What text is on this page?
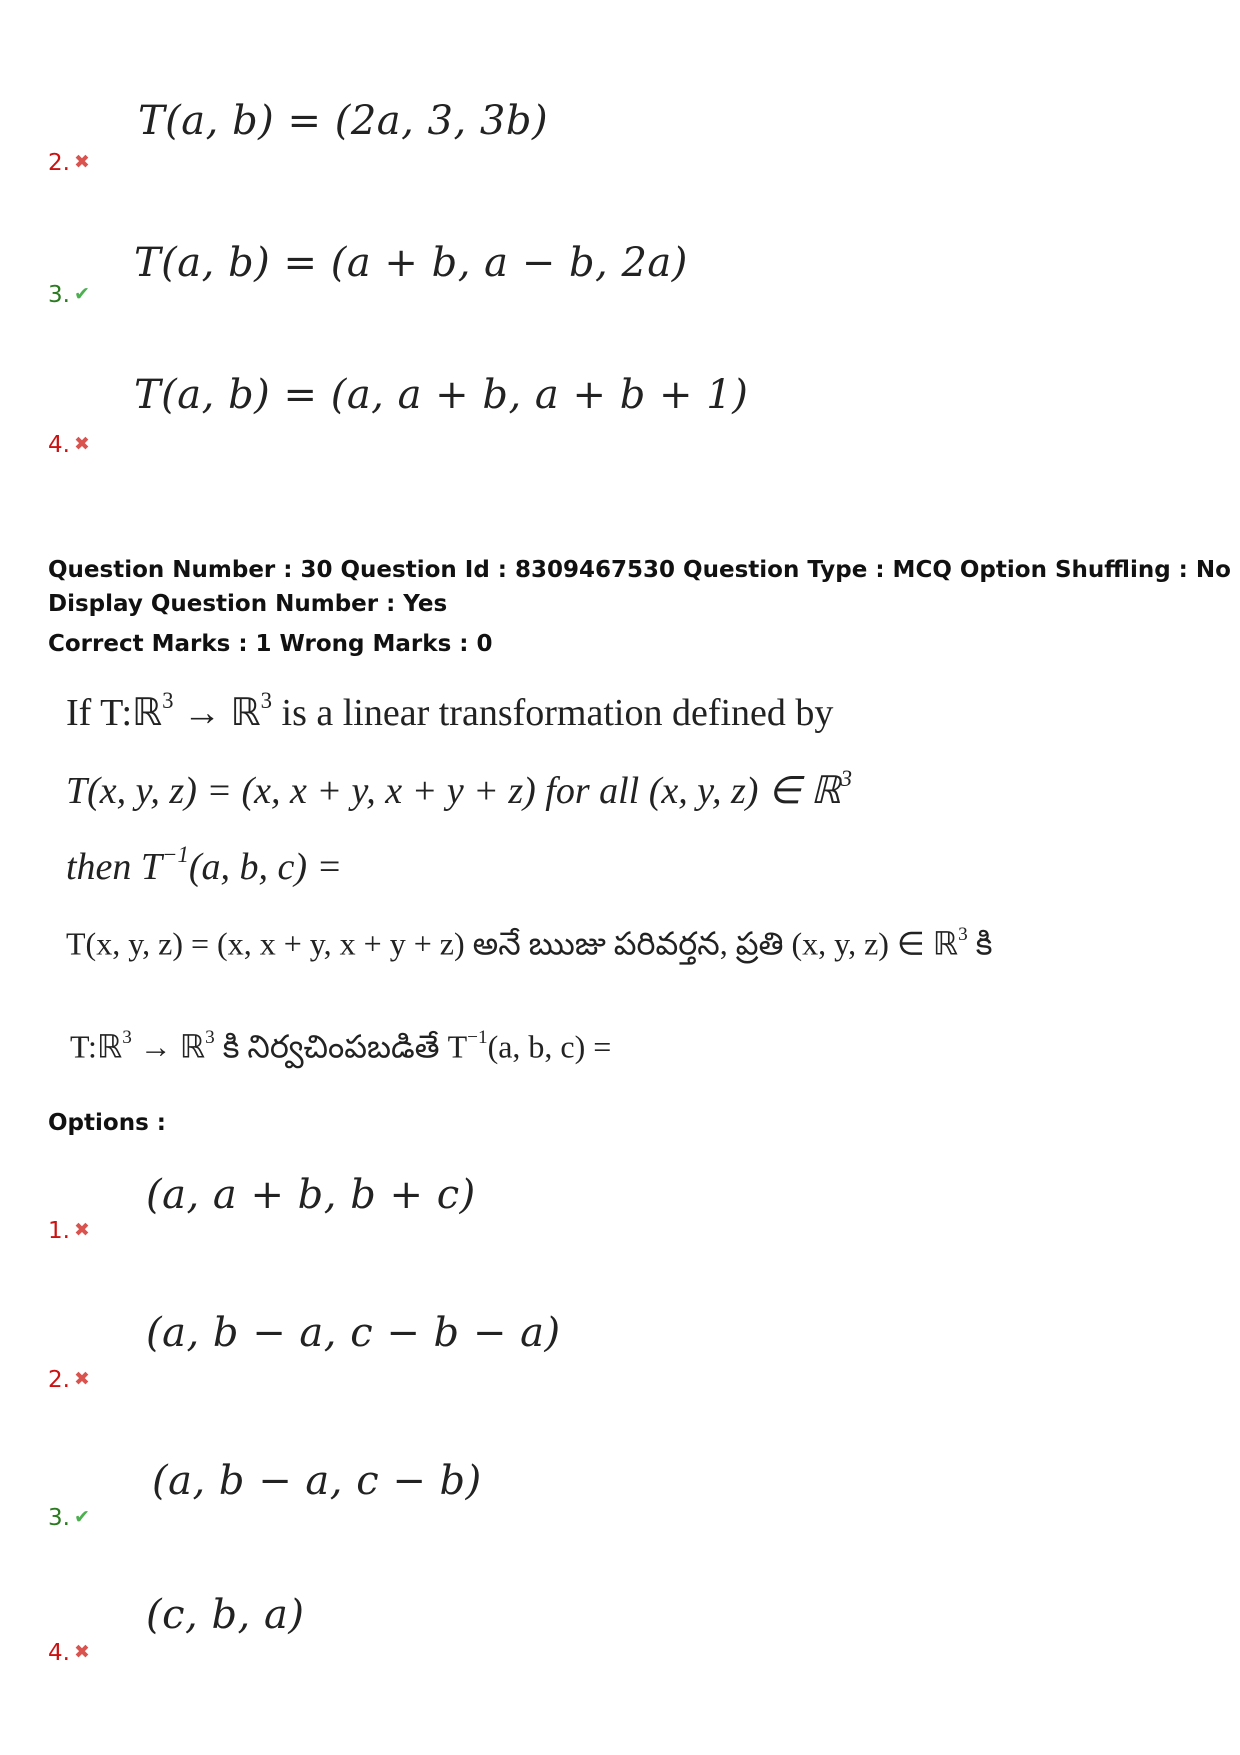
T(a, b) = (2a, 3, 3b)
2. ✖
T(a, b) = (a + b, a − b, 2a)
3. ✔
T(a, b) = (a, a + b, a + b + 1)
4. ✖
Question Number : 30 Question Id : 8309467530 Question Type : MCQ Option Shuffling : No
Display Question Number : Yes
Correct Marks : 1 Wrong Marks : 0
If T:ℝ$^3$ → ℝ$^3$ is a linear transformation defined by
T(x, y, z) = (x, x + y, x + y + z) for all (x, y, z) ∈ ℝ$^3$
then $T^{-1}(a$, b, c) =
T(x, y, z) = (x, x + y, x + y + z) అనే ఋజు పరివర్తన, ప్రతి (x, y, z) ∈ ℝ$^3$ కి
T:ℝ$^3$ → ℝ$^3$ కి నిర్వచింపబడితే $T^{-1}(a$, b, c) =
Options :
(a, a + b, b + c)
1. ✖
(a, b − a, c − b − a)
2. ✖
(a, b − a, c − b)
3. ✔
(c, b, a)
4. ✖
